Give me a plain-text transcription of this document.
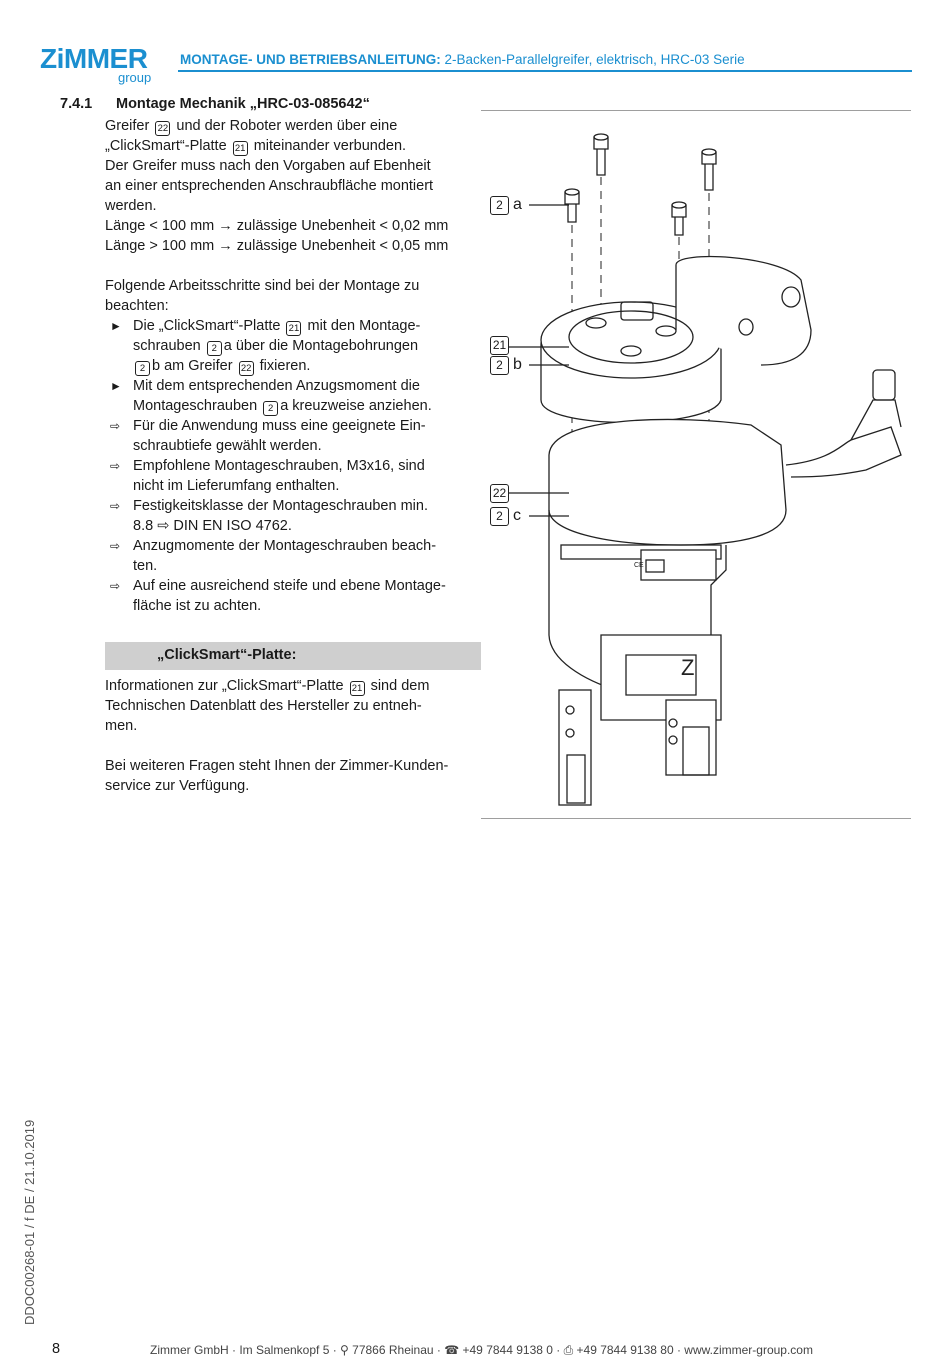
ZiMMER
group
MONTAGE- UND BETRIEBSANLEITUNG: 2-Backen-Parallelgreifer, elektrisch, HRC-03 Serie
7.4.1 Montage Mechanik „HRC-03-085642“
Greifer 22 und der Roboter werden über eine
„ClickSmart“-Platte 21 miteinander verbunden.
Der Greifer muss nach den Vorgaben auf Ebenheit
an einer entsprechenden Anschraubfläche montiert
werden.
Länge < 100 mm → zulässige Unebenheit < 0,02 mm
Länge > 100 mm → zulässige Unebenheit < 0,05 mm
Folgende Arbeitsschritte sind bei der Montage zu
beachten:
► Die „ClickSmart“-Platte 21 mit den Montage-
schrauben 2 a über die Montagebohrungen
2 b am Greifer 22 fixieren.
► Mit dem entsprechenden Anzugsmoment die
Montageschrauben 2 a kreuzweise anziehen.
⇨ Für die Anwendung muss eine geeignete Ein-
schraubtiefe gewählt werden.
⇨ Empfohlene Montageschrauben, M3x16, sind
nicht im Lieferumfang enthalten.
⇨ Festigkeitsklasse der Montageschrauben min.
8.8 ⇨ DIN EN ISO 4762.
⇨ Anzugmomente der Montageschrauben beach-
ten.
⇨ Auf eine ausreichend steife und ebene Montage-
fläche ist zu achten.
„ClickSmart“-Platte:
Informationen zur „ClickSmart“-Platte 21 sind dem
Technischen Datenblatt des Hersteller zu entneh-
men.
Bei weiteren Fragen steht Ihnen der Zimmer-Kunden-
service zur Verfügung.
CE
Z
2 a
21
2 b
22
2 c
DDOC00268-01 / f DE / 21.10.2019
8	Zimmer GmbH · Im Salmenkopf 5 · ⚲ 77866 Rheinau · ☎ +49 7844 9138 0 · ⎙ +49 7844 9138 80 · www.zimmer-group.com
